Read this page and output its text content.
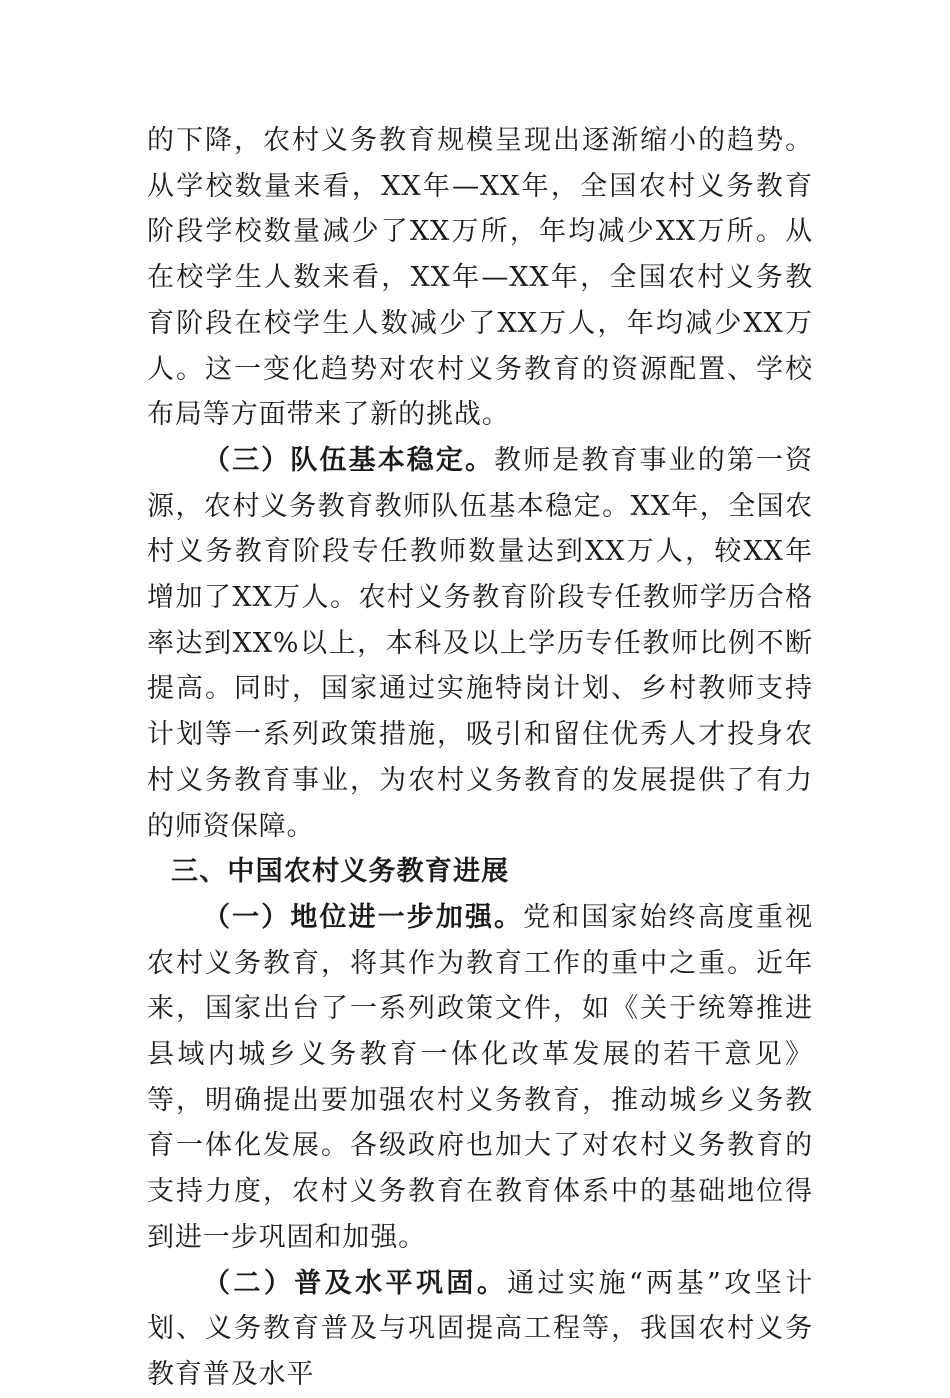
的下降，农村义务教育规模呈现出逐渐缩小的趋势。从学校数量来看，XX年—XX年，全国农村义务教育阶段学校数量减少了XX万所，年均减少XX万所。从在校学生人数来看，XX年—XX年，全国农村义务教育阶段在校学生人数减少了XX万人，年均减少XX万人。这一变化趋势对农村义务教育的资源配置、学校布局等方面带来了新的挑战。

（三）队伍基本稳定。教师是教育事业的第一资源，农村义务教育教师队伍基本稳定。XX年，全国农村义务教育阶段专任教师数量达到XX万人，较XX年增加了XX万人。农村义务教育阶段专任教师学历合格率达到XX%以上，本科及以上学历专任教师比例不断提高。同时，国家通过实施特岗计划、乡村教师支持计划等一系列政策措施，吸引和留住优秀人才投身农村义务教育事业，为农村义务教育的发展提供了有力的师资保障。

三、中国农村义务教育进展

（一）地位进一步加强。党和国家始终高度重视农村义务教育，将其作为教育工作的重中之重。近年来，国家出台了一系列政策文件，如《关于统筹推进县域内城乡义务教育一体化改革发展的若干意见》等，明确提出要加强农村义务教育，推动城乡义务教育一体化发展。各级政府也加大了对农村义务教育的支持力度，农村义务教育在教育体系中的基础地位得到进一步巩固和加强。

（二）普及水平巩固。通过实施“两基”攻坚计划、义务教育普及与巩固提高工程等，我国农村义务教育普及水平
